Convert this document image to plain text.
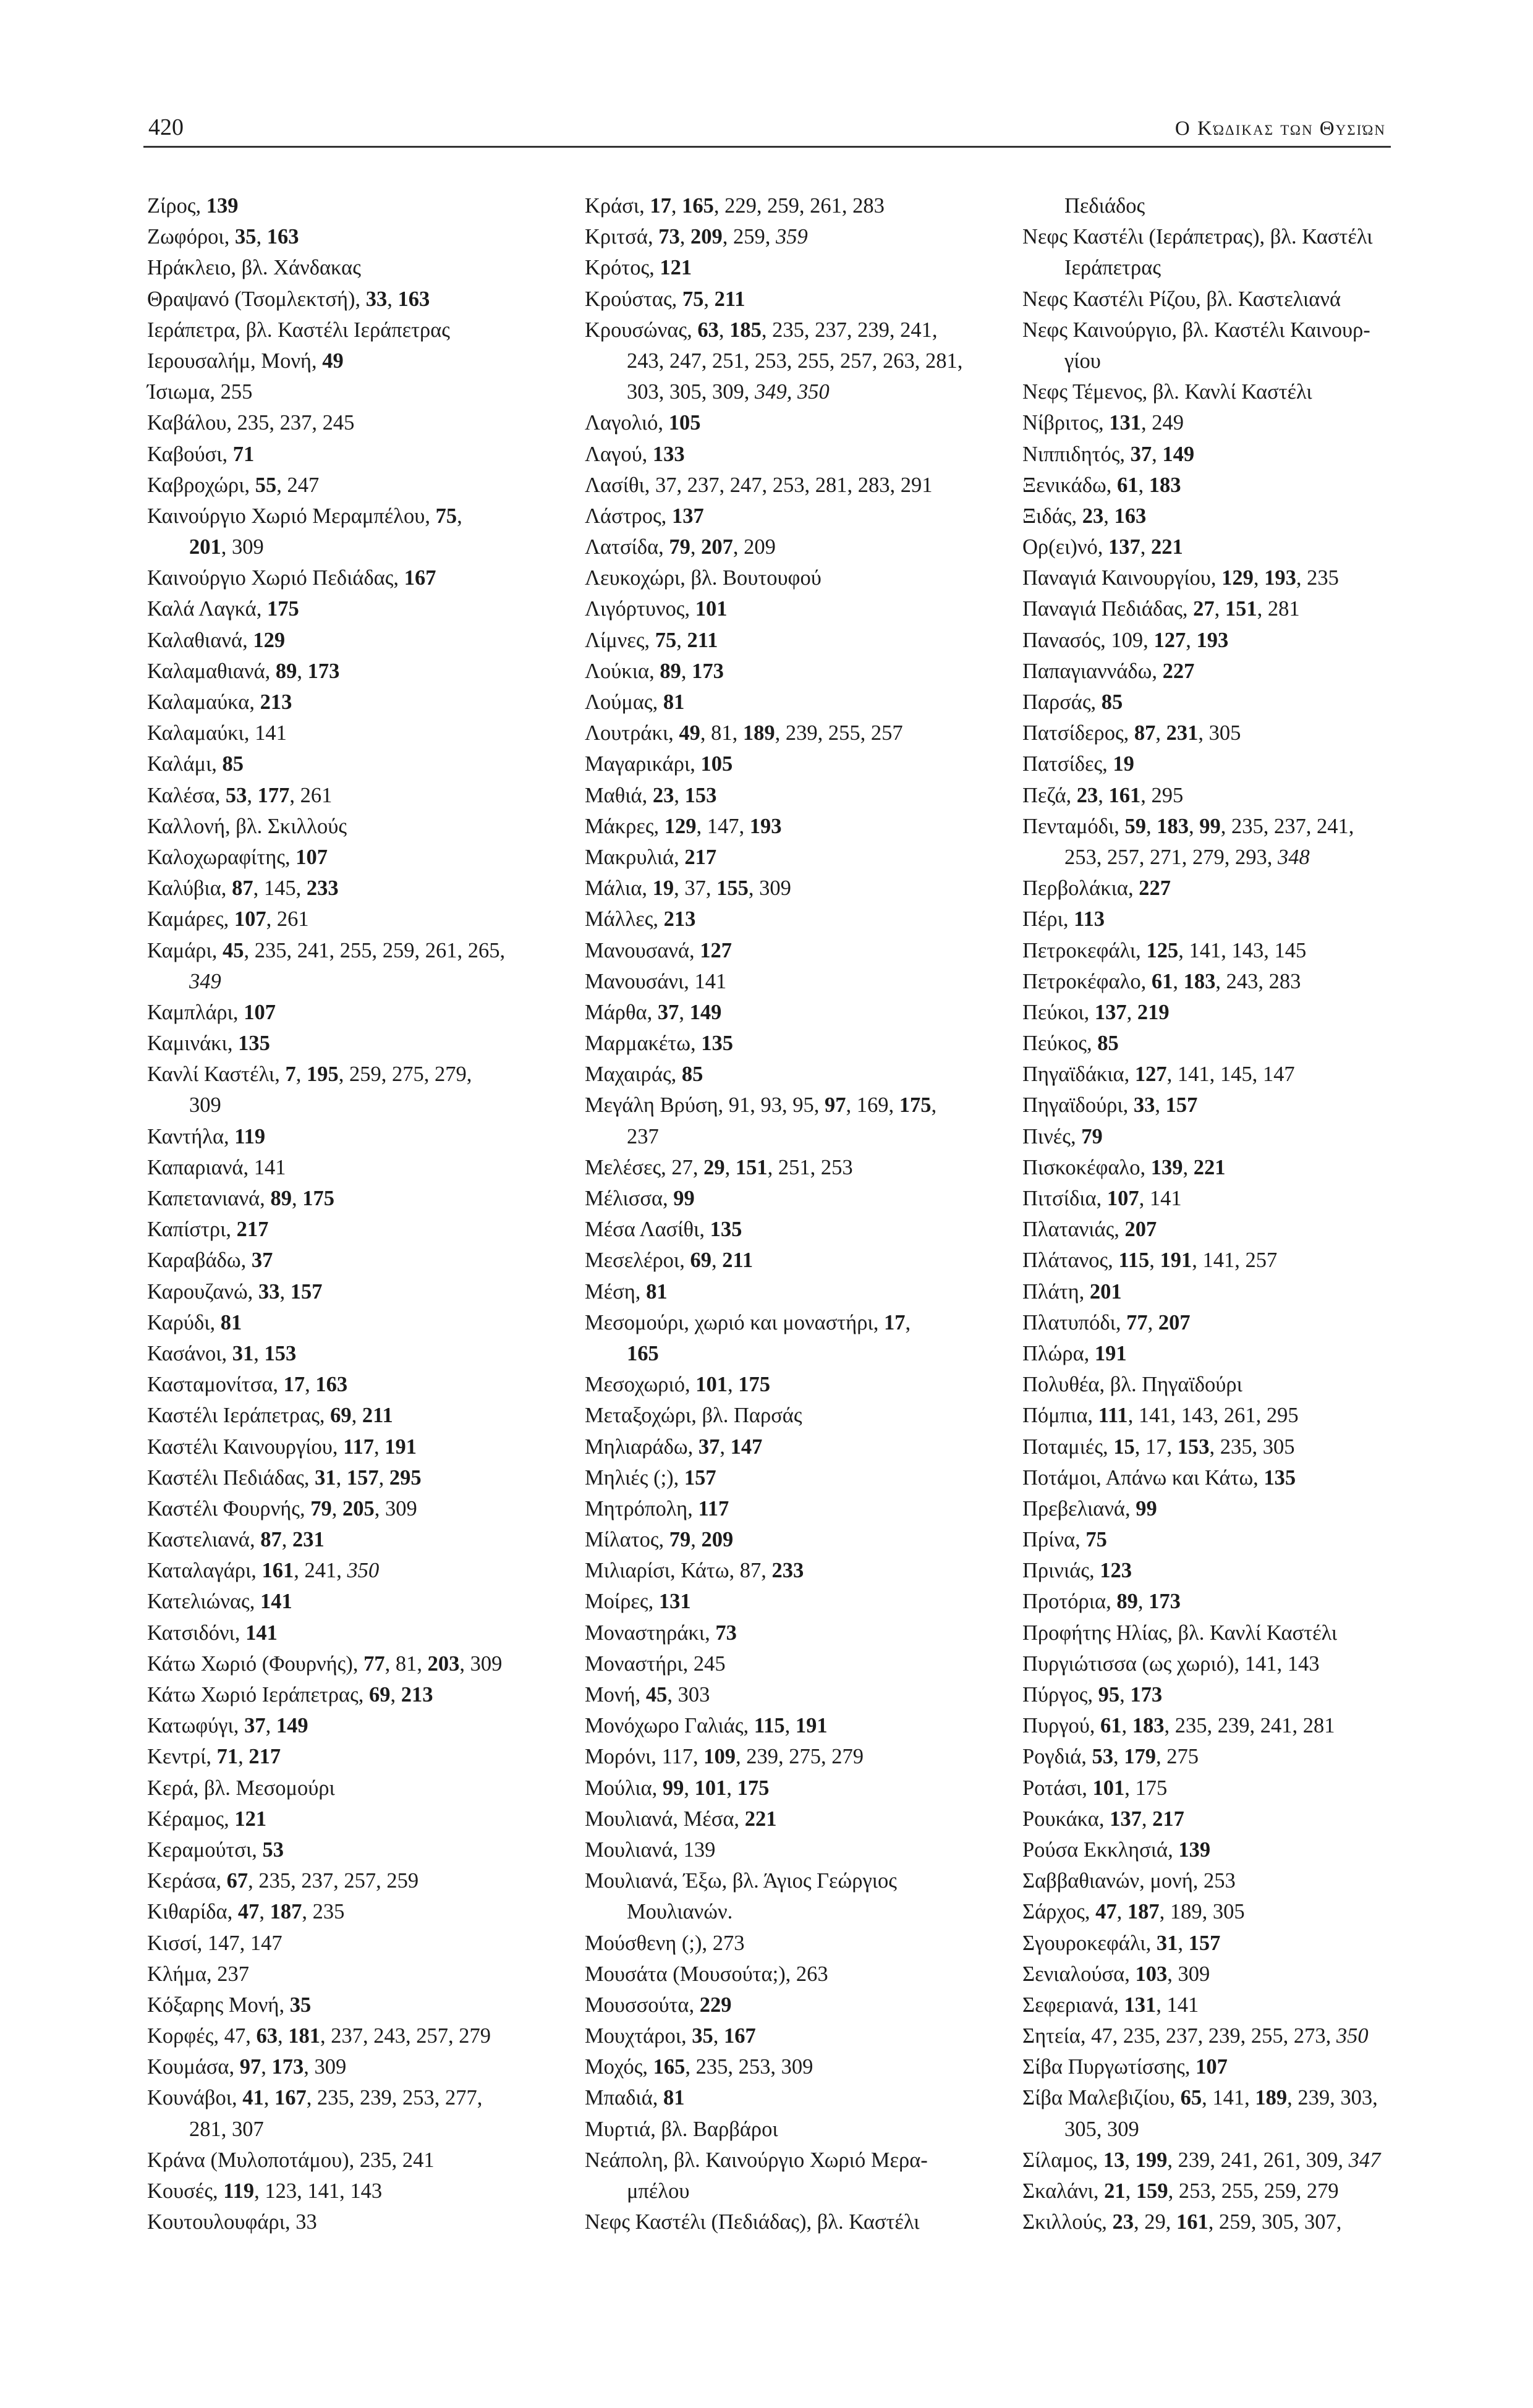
420	Ο Κώδικας των Θυσιών
Ζίρος, 139
Ζωφόροι, 35, 163
Ηράκλειο, βλ. Χάνδακας
Θραψανό (Τσομλεκτσή), 33, 163
Ιεράπετρα, βλ. Καστέλι Ιεράπετρας
Ιερουσαλήμ, Μονή, 49
Ίσιωμα, 255
Καβάλου, 235, 237, 245
Καβούσι, 71
Καβροχώρι, 55, 247
Καινούργιο Χωριό Μεραμπέλου, 75,
201, 309
Καινούργιο Χωριό Πεδιάδας, 167
Καλά Λαγκά, 175
Καλαθιανά, 129
Καλαμαθιανά, 89, 173
Καλαμαύκα, 213
Καλαμαύκι, 141
Καλάμι, 85
Καλέσα, 53, 177, 261
Καλλονή, βλ. Σκιλλούς
Καλοχωραφίτης, 107
Καλύβια, 87, 145, 233
Καμάρες, 107, 261
Καμάρι, 45, 235, 241, 255, 259, 261, 265,
349
Καμπλάρι, 107
Καμινάκι, 135
Κανλί Καστέλι, 7, 195, 259, 275, 279,
309
Καντήλα, 119
Καπαριανά, 141
Καπετανιανά, 89, 175
Καπίστρι, 217
Καραβάδω, 37
Καρουζανώ, 33, 157
Καρύδι, 81
Κασάνοι, 31, 153
Κασταμονίτσα, 17, 163
Καστέλι Ιεράπετρας, 69, 211
Καστέλι Καινουργίου, 117, 191
Καστέλι Πεδιάδας, 31, 157, 295
Καστέλι Φουρνής, 79, 205, 309
Καστελιανά, 87, 231
Καταλαγάρι, 161, 241, 350
Κατελιώνας, 141
Κατσιδόνι, 141
Κάτω Χωριό (Φουρνής), 77, 81, 203, 309
Κάτω Χωριό Ιεράπετρας, 69, 213
Κατωφύγι, 37, 149
Κεντρί, 71, 217
Κερά, βλ. Μεσομούρι
Κέραμος, 121
Κεραμούτσι, 53
Κεράσα, 67, 235, 237, 257, 259
Κιθαρίδα, 47, 187, 235
Κισσί, 147, 147
Κλήμα, 237
Κόξαρης Μονή, 35
Κορφές, 47, 63, 181, 237, 243, 257, 279
Κουμάσα, 97, 173, 309
Κουνάβοι, 41, 167, 235, 239, 253, 277,
281, 307
Κράνα (Μυλοποτάμου), 235, 241
Κουσές, 119, 123, 141, 143
Κουτουλουφάρι, 33
Κράσι, 17, 165, 229, 259, 261, 283
Κριτσά, 73, 209, 259, 359
Κρότος, 121
Κρούστας, 75, 211
Κρουσώνας, 63, 185, 235, 237, 239, 241,
243, 247, 251, 253, 255, 257, 263, 281,
303, 305, 309, 349, 350
Λαγολιό, 105
Λαγού, 133
Λασίθι, 37, 237, 247, 253, 281, 283, 291
Λάστρος, 137
Λατσίδα, 79, 207, 209
Λευκοχώρι, βλ. Βουτουφού
Λιγόρτυνος, 101
Λίμνες, 75, 211
Λούκια, 89, 173
Λούμας, 81
Λουτράκι, 49, 81, 189, 239, 255, 257
Μαγαρικάρι, 105
Μαθιά, 23, 153
Μάκρες, 129, 147, 193
Μακρυλιά, 217
Μάλια, 19, 37, 155, 309
Μάλλες, 213
Μανουσανά, 127
Μανουσάνι, 141
Μάρθα, 37, 149
Μαρμακέτω, 135
Μαχαιράς, 85
Μεγάλη Βρύση, 91, 93, 95, 97, 169, 175,
237
Μελέσες, 27, 29, 151, 251, 253
Μέλισσα, 99
Μέσα Λασίθι, 135
Μεσελέροι, 69, 211
Μέση, 81
Μεσομούρι, χωριό και μοναστήρι, 17,
165
Μεσοχωριό, 101, 175
Μεταξοχώρι, βλ. Παρσάς
Μηλιαράδω, 37, 147
Μηλιές (;), 157
Μητρόπολη, 117
Μίλατος, 79, 209
Μιλιαρίσι, Κάτω, 87, 233
Μοίρες, 131
Μοναστηράκι, 73
Μοναστήρι, 245
Μονή, 45, 303
Μονόχωρο Γαλιάς, 115, 191
Μορόνι, 117, 109, 239, 275, 279
Μούλια, 99, 101, 175
Μουλιανά, Μέσα, 221
Μουλιανά, 139
Μουλιανά, Έξω, βλ. Άγιος Γεώργιος
Μουλιανών.
Μούσθενη (;), 273
Μουσάτα (Μουσούτα;), 263
Μουσσούτα, 229
Μουχτάροι, 35, 167
Μοχός, 165, 235, 253, 309
Μπαδιά, 81
Μυρτιά, βλ. Βαρβάροι
Νεάπολη, βλ. Καινούργιο Χωριό Μερα-
μπέλου
Νεφς Καστέλι (Πεδιάδας), βλ. Καστέλι
Πεδιάδος
Νεφς Καστέλι (Ιεράπετρας), βλ. Καστέλι
Ιεράπετρας
Νεφς Καστέλι Ρίζου, βλ. Καστελιανά
Νεφς Καινούργιο, βλ. Καστέλι Καινουρ-
γίου
Νεφς Τέμενος, βλ. Κανλί Καστέλι
Νίβριτος, 131, 249
Νιππιδητός, 37, 149
Ξενικάδω, 61, 183
Ξιδάς, 23, 163
Ορ(ει)νό, 137, 221
Παναγιά Καινουργίου, 129, 193, 235
Παναγιά Πεδιάδας, 27, 151, 281
Πανασός, 109, 127, 193
Παπαγιαννάδω, 227
Παρσάς, 85
Πατσίδερος, 87, 231, 305
Πατσίδες, 19
Πεζά, 23, 161, 295
Πενταμόδι, 59, 183, 99, 235, 237, 241,
253, 257, 271, 279, 293, 348
Περβολάκια, 227
Πέρι, 113
Πετροκεφάλι, 125, 141, 143, 145
Πετροκέφαλο, 61, 183, 243, 283
Πεύκοι, 137, 219
Πεύκος, 85
Πηγαϊδάκια, 127, 141, 145, 147
Πηγαϊδούρι, 33, 157
Πινές, 79
Πισκοκέφαλο, 139, 221
Πιτσίδια, 107, 141
Πλατανιάς, 207
Πλάτανος, 115, 191, 141, 257
Πλάτη, 201
Πλατυπόδι, 77, 207
Πλώρα, 191
Πολυθέα, βλ. Πηγαϊδούρι
Πόμπια, 111, 141, 143, 261, 295
Ποταμιές, 15, 17, 153, 235, 305
Ποτάμοι, Απάνω και Κάτω, 135
Πρεβελιανά, 99
Πρίνα, 75
Πρινιάς, 123
Προτόρια, 89, 173
Προφήτης Ηλίας, βλ. Κανλί Καστέλι
Πυργιώτισσα (ως χωριό), 141, 143
Πύργος, 95, 173
Πυργού, 61, 183, 235, 239, 241, 281
Ρογδιά, 53, 179, 275
Ροτάσι, 101, 175
Ρουκάκα, 137, 217
Ρούσα Εκκλησιά, 139
Σαββαθιανών, μονή, 253
Σάρχος, 47, 187, 189, 305
Σγουροκεφάλι, 31, 157
Σενιαλούσα, 103, 309
Σεφεριανά, 131, 141
Σητεία, 47, 235, 237, 239, 255, 273, 350
Σίβα Πυργωτίσσης, 107
Σίβα Μαλεβιζίου, 65, 141, 189, 239, 303,
305, 309
Σίλαμος, 13, 199, 239, 241, 261, 309, 347
Σκαλάνι, 21, 159, 253, 255, 259, 279
Σκιλλούς, 23, 29, 161, 259, 305, 307,
